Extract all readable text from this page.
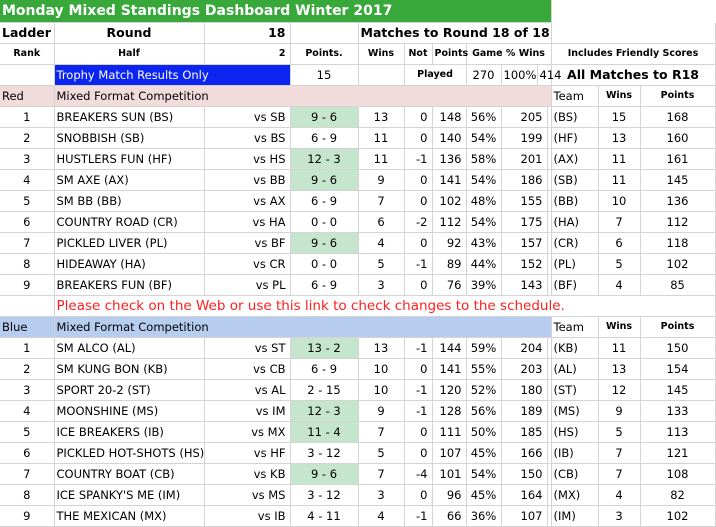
Monday Mixed Standings Dashboard Winter 2017													
Ladder	Round	18		Matches to Round 18 of 18									
Rank	Half	2	Points.	Wins	Not	Points	Game % Wins				Includes Friendly Scores		
	Trophy Match Results Only		15		Played		270	100%	414		All Matches to R18		
Red	Mixed Format Competition										Team	Wins	Points
1	BREAKERS SUN (BS)	vs SB	9 - 6	13	0	148	56%	205			(BS)	15	168
2	SNOBBISH (SB)	vs BS	6 - 9	11	0	140	54%	199			(HF)	13	160
3	HUSTLERS FUN (HF)	vs HS	12 - 3	11	-1	136	58%	201			(AX)	11	161
4	SM AXE (AX)	vs BB	9 - 6	9	0	141	54%	186			(SB)	11	145
5	SM BB (BB)	vs AX	6 - 9	7	0	102	48%	155			(BB)	10	136
6	COUNTRY ROAD (CR)	vs HA	0 - 0	6	-2	112	54%	175			(HA)	7	112
7	PICKLED LIVER (PL)	vs BF	9 - 6	4	0	92	43%	157			(CR)	6	118
8	HIDEAWAY (HA)	vs CR	0 - 0	5	-1	89	44%	152			(PL)	5	102
9	BREAKERS FUN (BF)	vs PL	6 - 9	3	0	76	39%	143			(BF)	4	85
	Please check on the Web or use this link to check changes to the schedule.												
Blue	Mixed Format Competition										Team	Wins	Points
1	SM ALCO (AL)	vs ST	13 - 2	13	-1	144	59%	204			(KB)	11	150
2	SM KUNG BON (KB)	vs CB	6 - 9	10	0	141	55%	203			(AL)	13	154
3	SPORT 20-2 (ST)	vs AL	2 - 15	10	-1	120	52%	180			(ST)	12	145
4	MOONSHINE (MS)	vs IM	12 - 3	9	-1	128	56%	189			(MS)	9	133
5	ICE BREAKERS (IB)	vs MX	11 - 4	7	0	111	50%	185			(HS)	5	113
6	PICKLED HOT-SHOTS (HS)	vs HF	3 - 12	5	0	107	45%	166			(IB)	7	121
7	COUNTRY BOAT (CB)	vs KB	9 - 6	7	-4	101	54%	150			(CB)	7	108
8	ICE SPANKY'S ME (IM)	vs MS	3 - 12	3	0	96	45%	164			(MX)	4	82
9	THE MEXICAN (MX)	vs IB	4 - 11	4	-1	66	36%	107			(IM)	3	102
